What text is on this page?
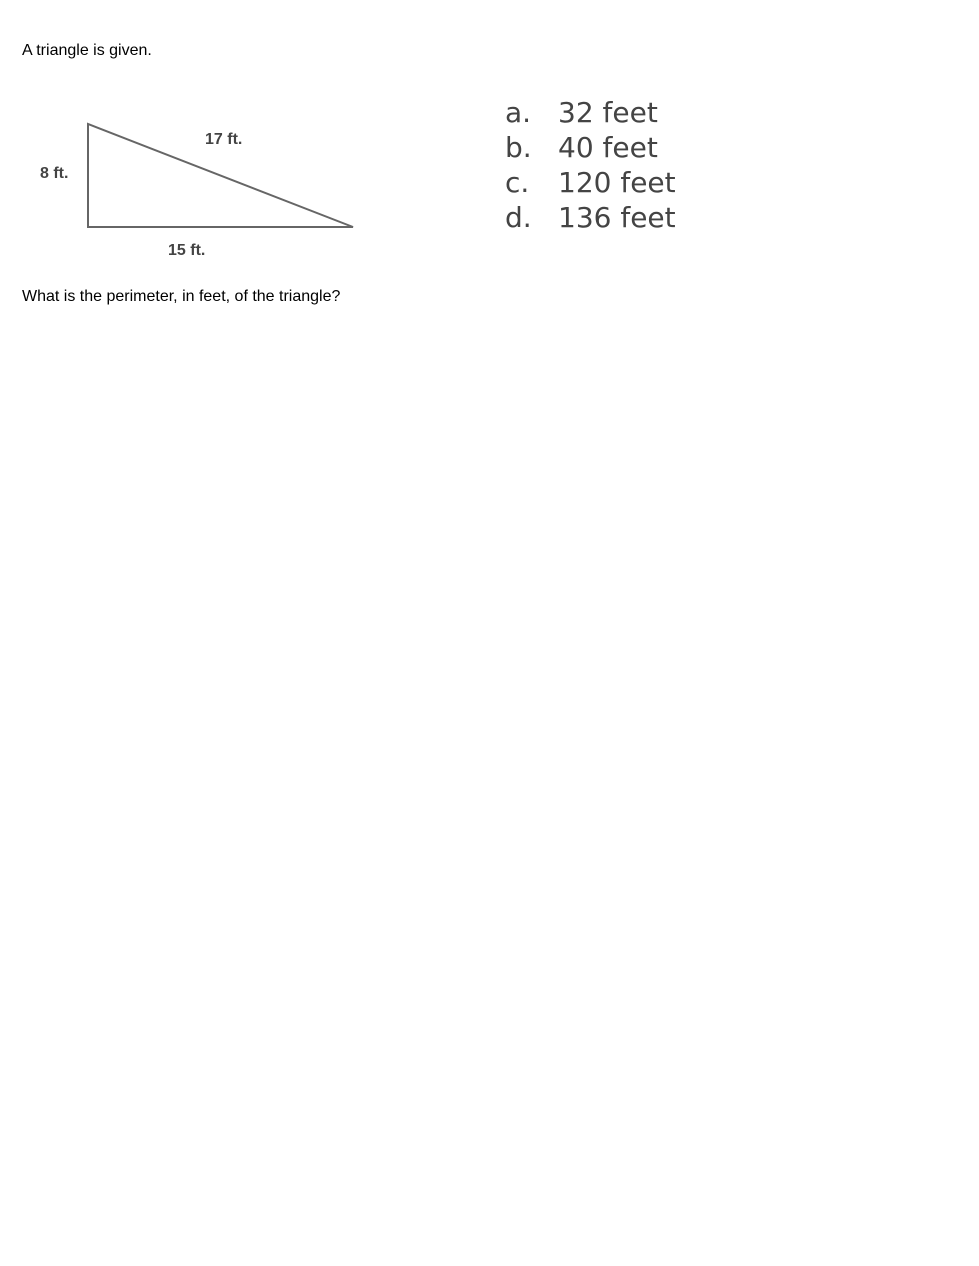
A triangle is given.

8 ft.
17 ft.
15 ft.

What is the perimeter, in feet, of the triangle?

a. 32 feet
b. 40 feet
c.	120 feet
d. 136 feet
